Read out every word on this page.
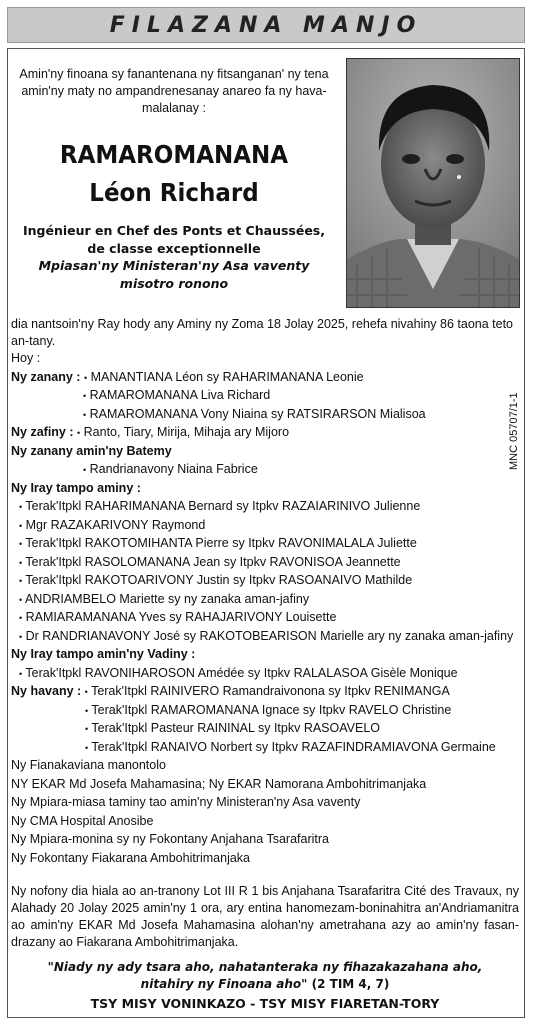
FILAZANA MANJO
Amin'ny finoana sy fanantenana ny fitsanganan' ny tena amin'ny maty no ampandrenesanay anareo fa ny hava-malalanay :
RAMAROMANANA
Léon Richard
Ingénieur en Chef des Ponts et Chaussées,
de classe exceptionnelle
Mpiasan'ny Ministeran'ny Asa vaventy
misotro ronono
MNC 05707/1-1
dia nantsoin'ny Ray hody any Aminy ny Zoma 18 Jolay 2025, rehefa nivahiny 86 taona teto an-tany.
Hoy :
Ny zanany : • MANANTIANA Léon sy RAHARIMANANA Leonie
• RAMAROMANANA Liva Richard
• RAMAROMANANA Vony Niaina sy RATSIRARSON Mialisoa
Ny zafiny : • Ranto, Tiary, Mirija, Mihaja ary Mijoro
Ny zanany amin'ny Batemy
• Randrianavony Niaina Fabrice
Ny Iray tampo aminy :
• Terak'Itpkl RAHARIMANANA Bernard sy Itpkv RAZAIARINIVO Julienne
• Mgr RAZAKARIVONY Raymond
• Terak'Itpkl RAKOTOMIHANTA Pierre sy Itpkv RAVONIMALALA Juliette
• Terak'Itpkl RASOLOMANANA Jean sy Itpkv RAVONISOA Jeannette
• Terak'Itpkl RAKOTOARIVONY Justin sy Itpkv RASOANAIVO Mathilde
• ANDRIAMBELO Mariette sy ny zanaka aman-jafiny
• RAMIARAMANANA Yves sy RAHAJARIVONY Louisette
• Dr RANDRIANAVONY José sy RAKOTOBEARISON Marielle ary ny zanaka aman-jafiny
Ny Iray tampo amin'ny Vadiny :
• Terak'Itpkl RAVONIHAROSON Amédée sy Itpkv RALALASOA Gisèle Monique
Ny havany : • Terak'Itpkl RAINIVERO Ramandraivonona sy Itpkv RENIMANGA
• Terak'Itpkl RAMAROMANANA Ignace sy Itpkv RAVELO Christine
• Terak'Itpkl Pasteur RAININAL sy Itpkv RASOAVELO
• Terak'Itpkl RANAIVO Norbert sy Itpkv RAZAFINDRAMIAVONA Germaine
Ny Fianakaviana manontolo
NY EKAR Md Josefa Mahamasina; Ny EKAR Namorana Ambohitrimanjaka
Ny Mpiara-miasa taminy tao amin'ny Ministeran'ny Asa vaventy
Ny CMA Hospital Anosibe
Ny Mpiara-monina sy ny Fokontany Anjahana Tsarafaritra
Ny Fokontany Fiakarana Ambohitrimanjaka
Ny nofony dia hiala ao an-tranony Lot III R 1 bis Anjahana Tsarafaritra Cité des Travaux, ny Alahady 20 Jolay 2025 amin'ny 1 ora, ary entina hanomezam-boninahitra an'Andriamanitra ao amin'ny EKAR Md Josefa Mahamasina alohan'ny ametrahana azy ao amin'ny fasan-drazany ao Fiakarana Ambohitrimanjaka.
"Niady ny ady tsara aho, nahatanteraka ny fihazakazahana aho,
nitahiry ny Finoana aho" (2 TIM 4, 7)
TSY MISY VONINKAZO - TSY MISY FIARETAN-TORY
